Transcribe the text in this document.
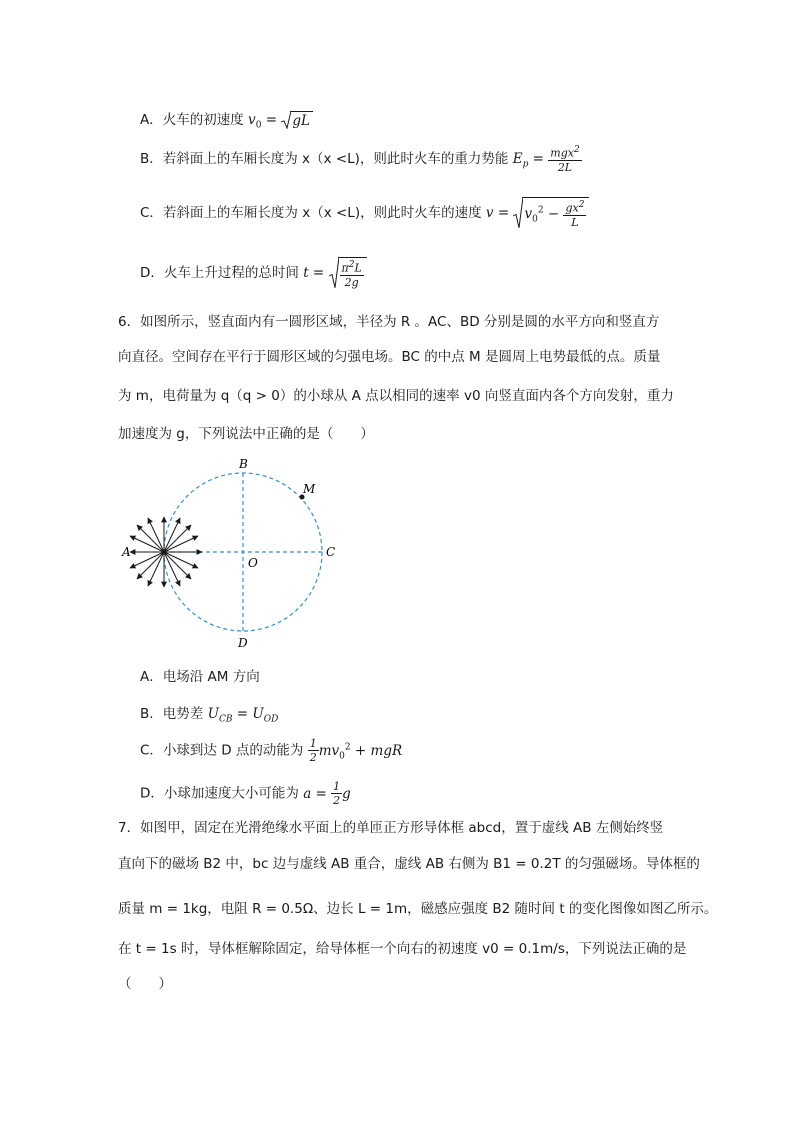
A．火车的初速度 $v_0$ =
gL
B．若斜面上的车厢长度为 x（x <L)，则此时火车的重力势能 $E_p = \frac{mgx^2}{2L}$
C．若斜面上的车厢长度为 x（x <L)，则此时火车的速度 v =
$v_0^2 - \frac{gx^2}{L}$
D．火车上升过程的总时间 $t = \frac{\pi^2L}{2g}$
6．如图所示，竖直面内有一圆形区域，半径为 R 。AC、BD 分别是圆的水平方向和竖直方
向直径。空间存在平行于圆形区域的匀强电场。BC 的中点 M 是圆周上电势最低的点。质量
为 m，电荷量为 q（q > 0）的小球从 A 点以相同的速率 v0 向竖直面内各个方向发射，重力
加速度为 g，下列说法中正确的是（　　）
A
B
C
D
O
M
A．电场沿 AM 方向
B．电势差 $U_{CB} = U_{OD}$
C．小球到达 D 点的动能为 $\frac{1}{2} mv_0^2$ + mgR
D．小球加速度大小可能为 $a = \frac{1}{2}$ g
7．如图甲，固定在光滑绝缘水平面上的单匝正方形导体框 abcd，置于虚线 AB 左侧始终竖
直向下的磁场 B2 中，bc 边与虚线 AB 重合，虚线 AB 右侧为 B1 = 0.2T 的匀强磁场。导体框的
质量 m = 1kg，电阻 R = 0.5Ω、边长 L = 1m，磁感应强度 B2 随时间 t 的变化图像如图乙所示。
在 t = 1s 时，导体框解除固定，给导体框一个向右的初速度 v0 = 0.1m/s，下列说法正确的是
（　　）
